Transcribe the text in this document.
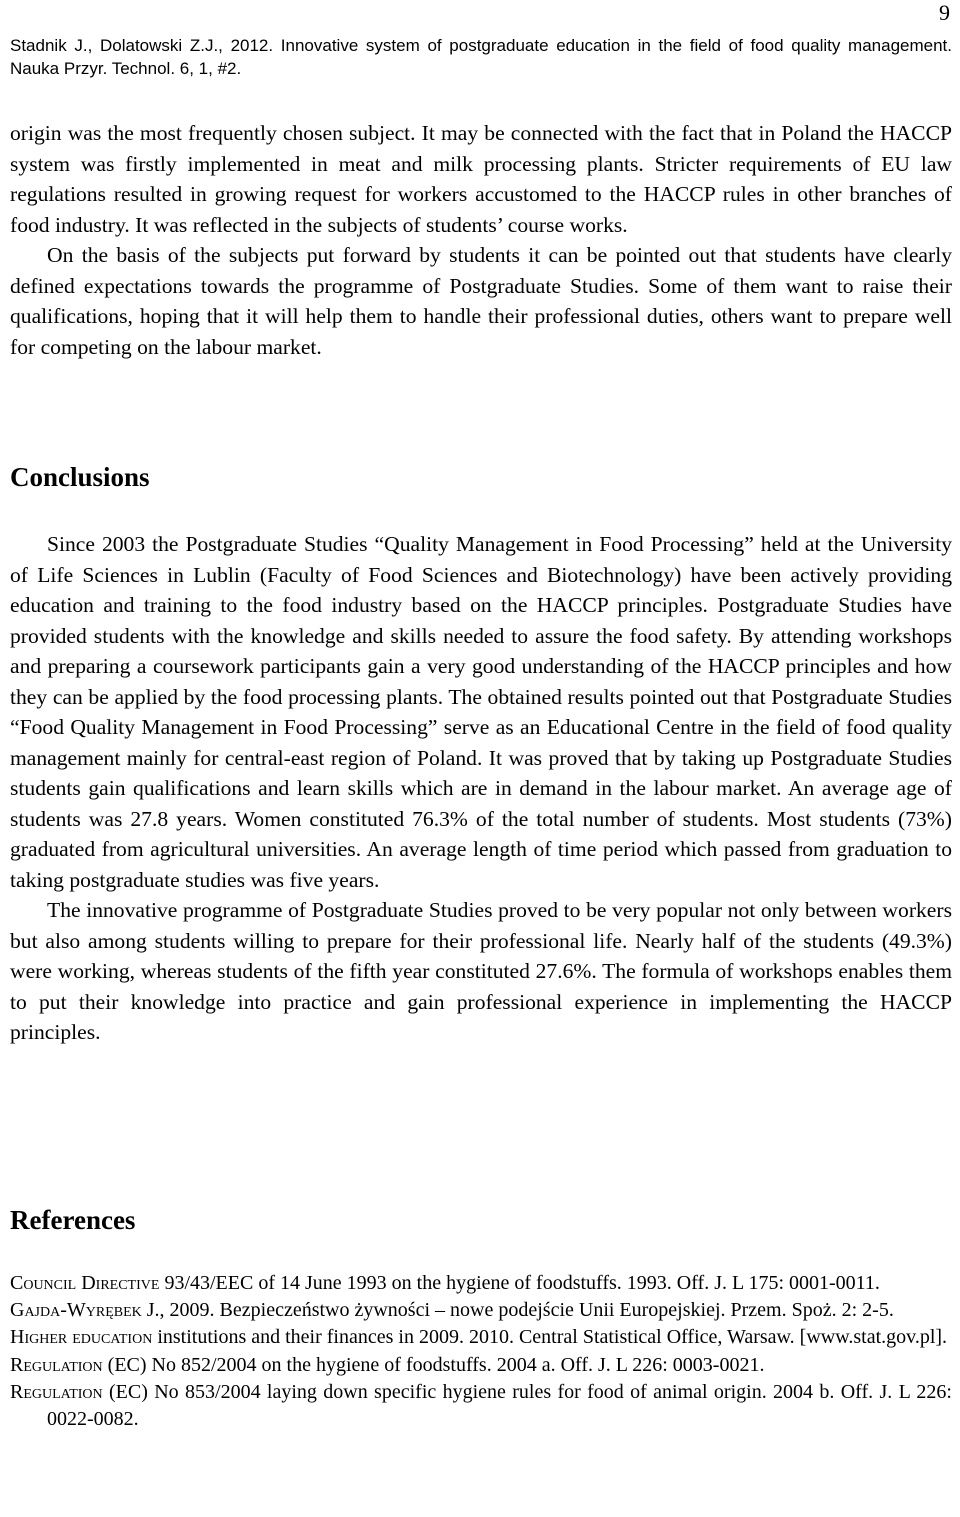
9
Stadnik J., Dolatowski Z.J., 2012. Innovative system of postgraduate education in the field of food quality management. Nauka Przyr. Technol. 6, 1, #2.

origin was the most frequently chosen subject. It may be connected with the fact that in Poland the HACCP system was firstly implemented in meat and milk processing plants. Stricter requirements of EU law regulations resulted in growing request for workers accustomed to the HACCP rules in other branches of food industry. It was reflected in the subjects of students’ course works.

On the basis of the subjects put forward by students it can be pointed out that students have clearly defined expectations towards the programme of Postgraduate Studies. Some of them want to raise their qualifications, hoping that it will help them to handle their professional duties, others want to prepare well for competing on the labour market.

Conclusions

Since 2003 the Postgraduate Studies “Quality Management in Food Processing” held at the University of Life Sciences in Lublin (Faculty of Food Sciences and Biotechnology) have been actively providing education and training to the food industry based on the HACCP principles. Postgraduate Studies have provided students with the knowledge and skills needed to assure the food safety. By attending workshops and preparing a coursework participants gain a very good understanding of the HACCP principles and how they can be applied by the food processing plants. The obtained results pointed out that Postgraduate Studies “Food Quality Management in Food Processing” serve as an Educational Centre in the field of food quality management mainly for central-east region of Poland. It was proved that by taking up Postgraduate Studies students gain qualifications and learn skills which are in demand in the labour market. An average age of students was 27.8 years. Women constituted 76.3% of the total number of students. Most students (73%) graduated from agricultural universities. An average length of time period which passed from graduation to taking postgraduate studies was five years.

The innovative programme of Postgraduate Studies proved to be very popular not only between workers but also among students willing to prepare for their professional life. Nearly half of the students (49.3%) were working, whereas students of the fifth year constituted 27.6%. The formula of workshops enables them to put their knowledge into practice and gain professional experience in implementing the HACCP principles.

References

Council Directive 93/43/EEC of 14 June 1993 on the hygiene of foodstuffs. 1993. Off. J. L 175: 0001-0011.

Gajda-Wyrębek J., 2009. Bezpieczeństwo żywności – nowe podejście Unii Europejskiej. Przem. Spoż. 2: 2-5.

Higher education institutions and their finances in 2009. 2010. Central Statistical Office, Warsaw. [www.stat.gov.pl].

Regulation (EC) No 852/2004 on the hygiene of foodstuffs. 2004 a. Off. J. L 226: 0003-0021.

Regulation (EC) No 853/2004 laying down specific hygiene rules for food of animal origin. 2004 b. Off. J. L 226: 0022-0082.
